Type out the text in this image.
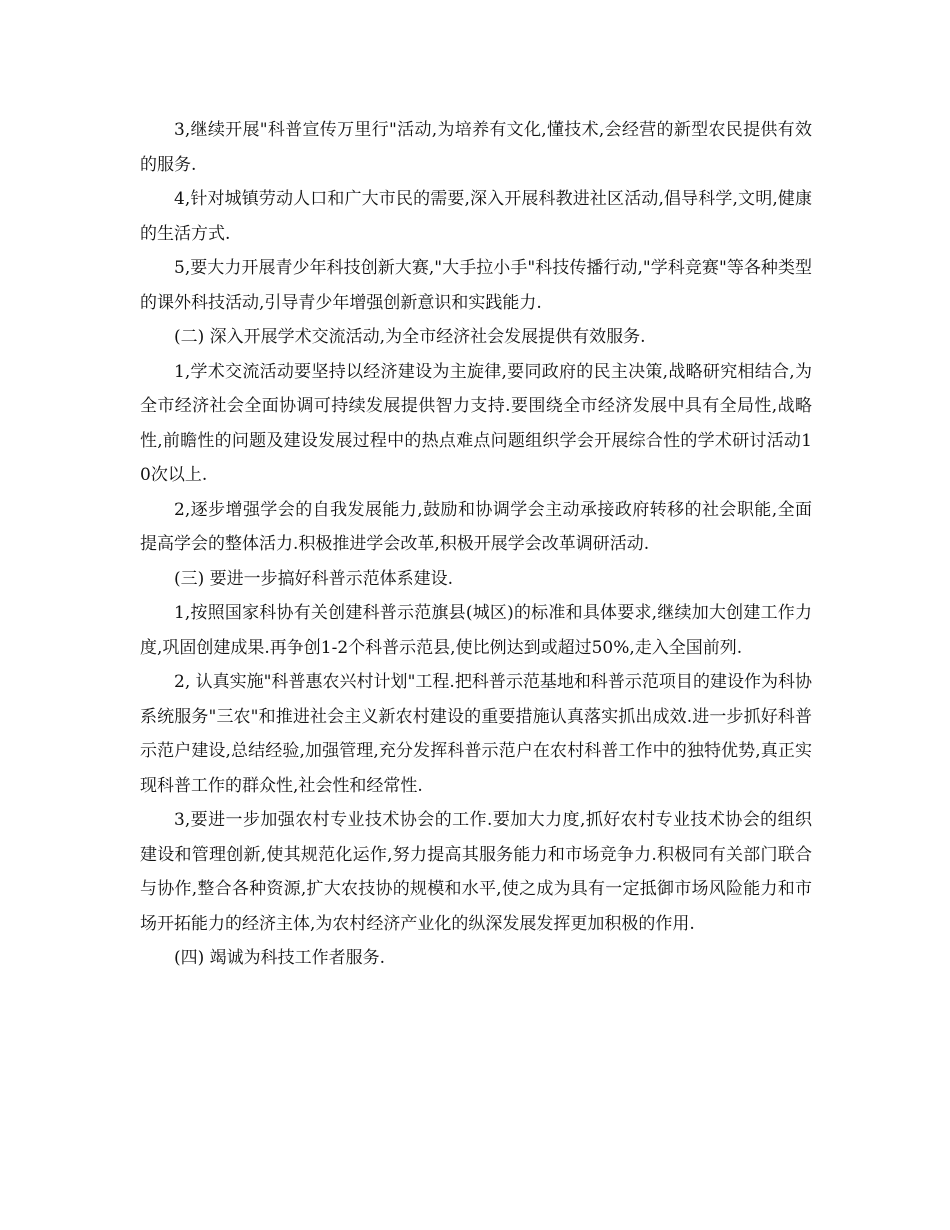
3,继续开展"科普宣传万里行"活动,为培养有文化,懂技术,会经营的新型农民提供有效的服务.

4,针对城镇劳动人口和广大市民的需要,深入开展科教进社区活动,倡导科学,文明,健康的生活方式.

5,要大力开展青少年科技创新大赛,"大手拉小手"科技传播行动,"学科竞赛"等各种类型的课外科技活动,引导青少年增强创新意识和实践能力.

(二) 深入开展学术交流活动,为全市经济社会发展提供有效服务.

1,学术交流活动要坚持以经济建设为主旋律,要同政府的民主决策,战略研究相结合,为全市经济社会全面协调可持续发展提供智力支持.要围绕全市经济发展中具有全局性,战略性,前瞻性的问题及建设发展过程中的热点难点问题组织学会开展综合性的学术研讨活动10次以上.

2,逐步增强学会的自我发展能力,鼓励和协调学会主动承接政府转移的社会职能,全面提高学会的整体活力.积极推进学会改革,积极开展学会改革调研活动.

(三) 要进一步搞好科普示范体系建设.

1,按照国家科协有关创建科普示范旗县(城区)的标准和具体要求,继续加大创建工作力度,巩固创建成果.再争创1-2个科普示范县,使比例达到或超过50%,走入全国前列.

2, 认真实施"科普惠农兴村计划"工程.把科普示范基地和科普示范项目的建设作为科协系统服务"三农"和推进社会主义新农村建设的重要措施认真落实抓出成效.进一步抓好科普示范户建设,总结经验,加强管理,充分发挥科普示范户在农村科普工作中的独特优势,真正实现科普工作的群众性,社会性和经常性.

3,要进一步加强农村专业技术协会的工作.要加大力度,抓好农村专业技术协会的组织建设和管理创新,使其规范化运作,努力提高其服务能力和市场竞争力.积极同有关部门联合与协作,整合各种资源,扩大农技协的规模和水平,使之成为具有一定抵御市场风险能力和市场开拓能力的经济主体,为农村经济产业化的纵深发展发挥更加积极的作用.

(四) 竭诚为科技工作者服务.
